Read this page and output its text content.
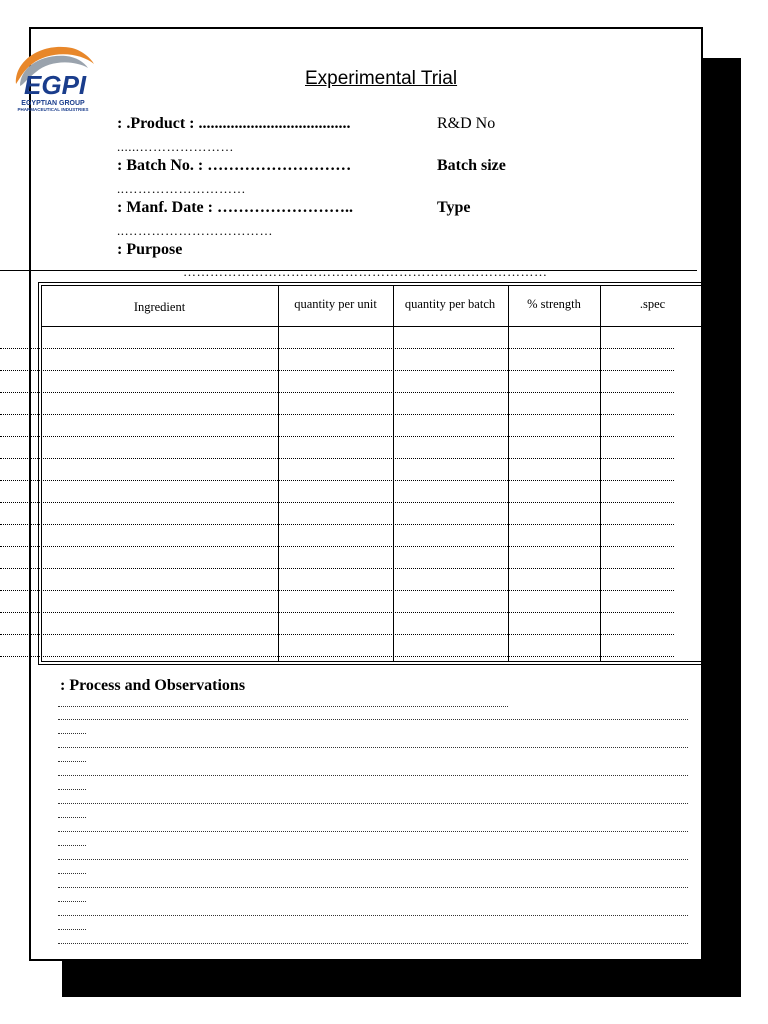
EGPI
EGYPTIAN GROUP
PHARMACEUTICAL INDUSTRIES
Experimental Trial
: .Product : ......................................
......…………………
R&D No
: Batch No. : ………………………
..………………………
Batch size
: Manf. Date : ……………………..
..……………………………
Type
: Purpose
………………………………………………………………………
Ingredient	quantity per unit	quantity per batch	% strength	.spec
: Process and Observations
